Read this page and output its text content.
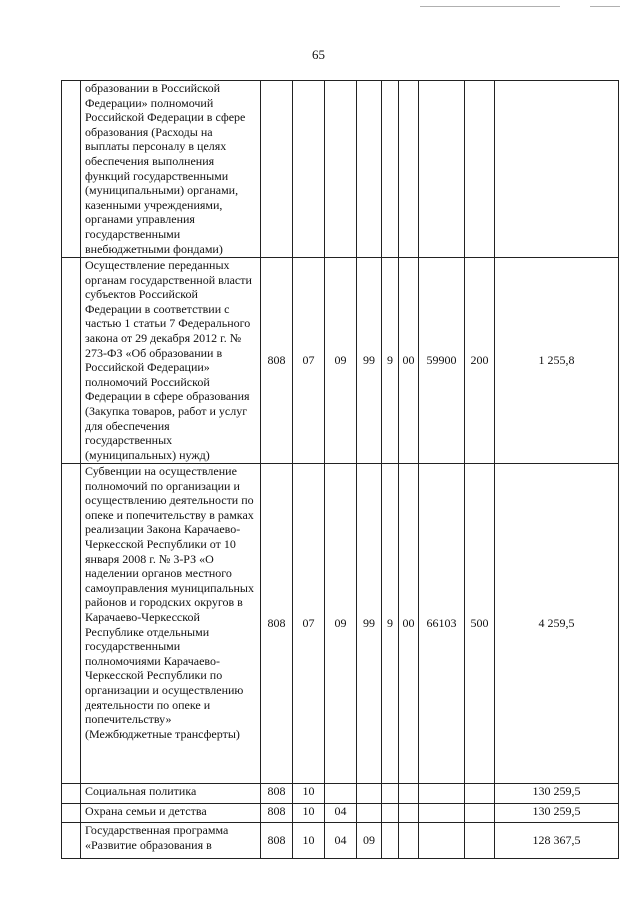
65
	образовании в Российской Федерации» полномочий Российской Федерации в сфере образования (Расходы на выплаты персоналу в целях обеспечения выполнения функций государственными (муниципальными) органами, казенными учреждениями, органами управления государственными внебюджетными фондами)									
	Осуществление переданных органам государственной власти субъектов Российской Федерации в соответствии с частью 1 статьи 7 Федерального закона от 29 декабря 2012 г. № 273-ФЗ «Об образовании в Российской Федерации» полномочий Российской Федерации в сфере образования (Закупка товаров, работ и услуг для обеспечения государственных (муниципальных) нужд)	808	07	09	99	9	00	59900	200	1 255,8
	Субвенции на осуществление полномочий по организации и осуществлению деятельности по опеке и попечительству в рамках реализации Закона Карачаево-Черкесской Республики от 10 января 2008 г. № 3-РЗ «О наделении органов местного самоуправления муниципальных районов и городских округов в Карачаево-Черкесской Республике отдельными государственными полномочиями Карачаево-Черкесской Республики по организации и осуществлению деятельности по опеке и попечительству» (Межбюджетные трансферты)	808	07	09	99	9	00	66103	500	4 259,5
	Социальная политика	808	10							130 259,5
	Охрана семьи и детства	808	10	04						130 259,5
	Государственная программа «Развитие образования в	808	10	04	09					128 367,5
